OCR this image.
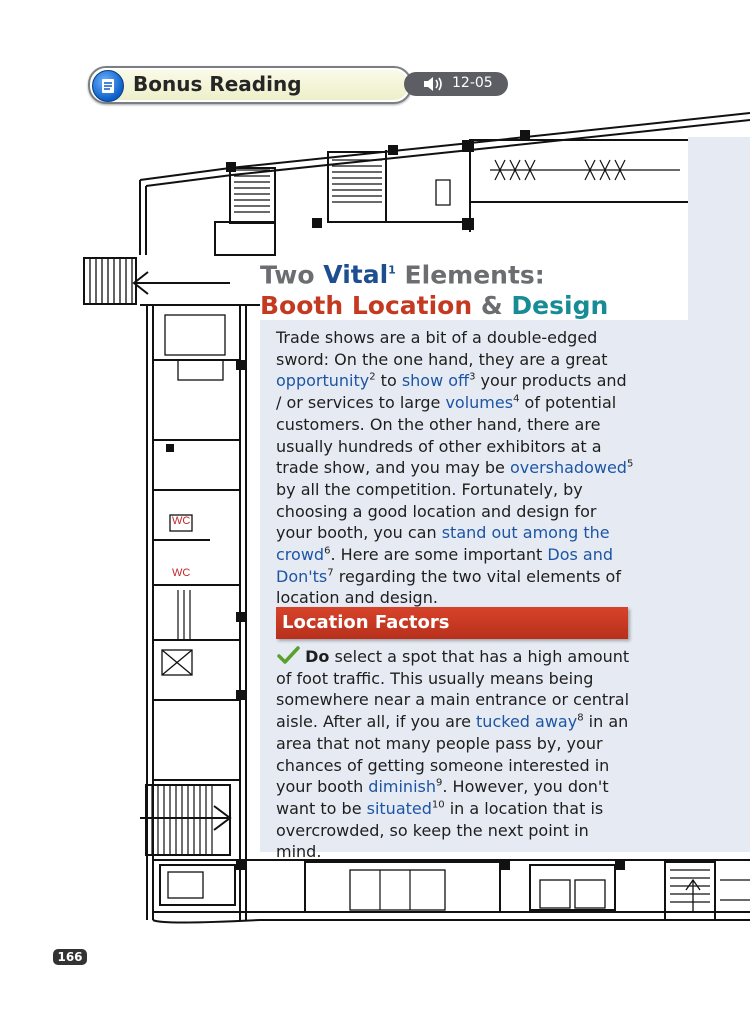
WC
WC
Bonus Reading	12-05
Two Vital$^1$ Elements:
Booth Location & Design
Trade shows are a bit of a double-edged sword: On the one hand, they are a great opportunity$^2$ to show off$^3$ your products and / or services to large volumes$^4$ of potential customers. On the other hand, there are usually hundreds of other exhibitors at a trade show, and you may be overshadowed$^5$ by all the competition. Fortunately, by choosing a good location and design for your booth, you can stand out among the crowd$^6$. Here are some important Dos and $Don'ts^7$ regarding the two vital elements of location and design.
Location Factors
Do select a spot that has a high amount of foot traffic. This usually means being somewhere near a main entrance or central aisle. After all, if you are tucked away$^8$ in an area that not many people pass by, your chances of getting someone interested in your booth diminish$^9$. However, you don't want to be situated$^{10}$ in a location that is overcrowded, so keep the next point in mind.
166
